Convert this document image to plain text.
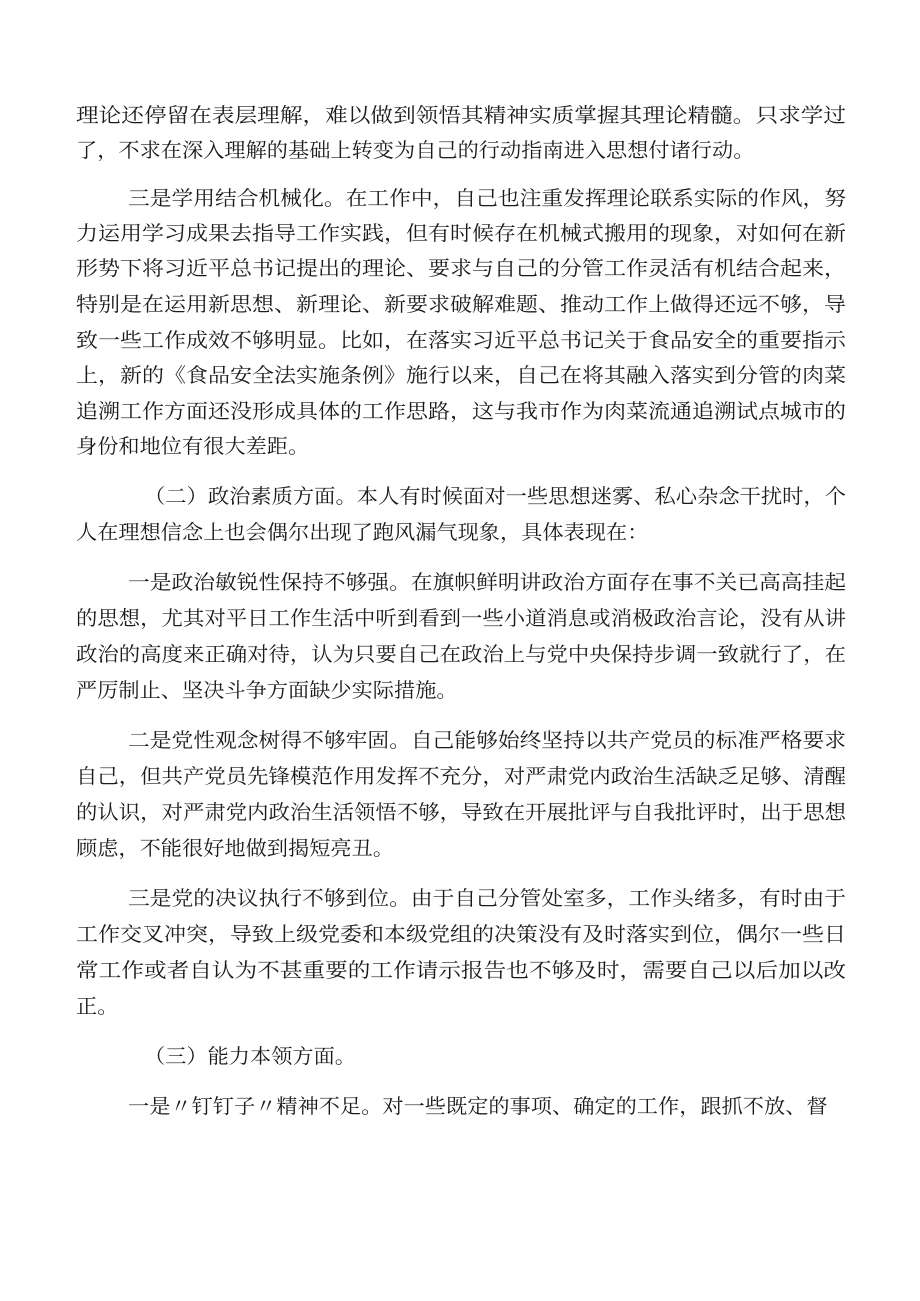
理论还停留在表层理解，难以做到领悟其精神实质掌握其理论精髓。只求学过

了，不求在深入理解的基础上转变为自己的行动指南进入思想付诸行动。

三是学用结合机械化。在工作中，自己也注重发挥理论联系实际的作风，努

力运用学习成果去指导工作实践，但有时候存在机械式搬用的现象，对如何在新

形势下将习近平总书记提出的理论、要求与自己的分管工作灵活有机结合起来，

特别是在运用新思想、新理论、新要求破解难题、推动工作上做得还远不够，导

致一些工作成效不够明显。比如，在落实习近平总书记关于食品安全的重要指示

上，新的《食品安全法实施条例》施行以来，自己在将其融入落实到分管的肉菜

追溯工作方面还没形成具体的工作思路，这与我市作为肉菜流通追溯试点城市的

身份和地位有很大差距。

（二）政治素质方面。本人有时候面对一些思想迷雾、私心杂念干扰时，个

人在理想信念上也会偶尔出现了跑风漏气现象，具体表现在：

一是政治敏锐性保持不够强。在旗帜鲜明讲政治方面存在事不关已高高挂起

的思想，尤其对平日工作生活中听到看到一些小道消息或消极政治言论，没有从讲

政治的高度来正确对待，认为只要自己在政治上与党中央保持步调一致就行了，在

严厉制止、坚决斗争方面缺少实际措施。

二是党性观念树得不够牢固。自己能够始终坚持以共产党员的标准严格要求

自己，但共产党员先锋模范作用发挥不充分，对严肃党内政治生活缺乏足够、清醒

的认识，对严肃党内政治生活领悟不够，导致在开展批评与自我批评时，出于思想

顾虑，不能很好地做到揭短亮丑。

三是党的决议执行不够到位。由于自己分管处室多，工作头绪多，有时由于

工作交叉冲突，导致上级党委和本级党组的决策没有及时落实到位，偶尔一些日

常工作或者自认为不甚重要的工作请示报告也不够及时，需要自己以后加以改

正。

（三）能力本领方面。

一是〃钉钉子〃精神不足。对一些既定的事项、确定的工作，跟抓不放、督
